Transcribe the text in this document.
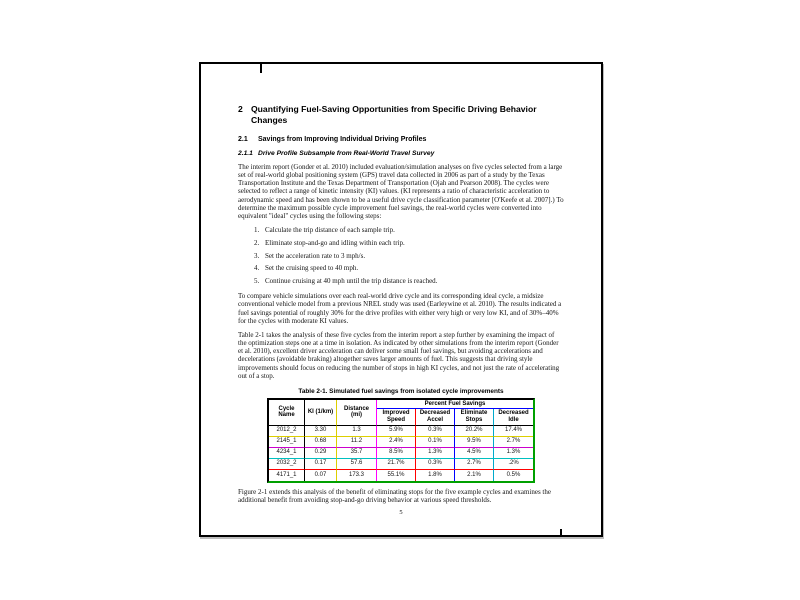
2 Quantifying Fuel-Saving Opportunities from Specific Driving Behavior Changes
2.1	Savings from Improving Individual Driving Profiles
2.1.1 Drive Profile Subsample from Real-World Travel Survey

The interim report (Gonder et al. 2010) included evaluation/simulation analyses on five cycles selected from a large set of real-world global positioning system (GPS) travel data collected in 2006 as part of a study by the Texas Transportation Institute and the Texas Department of Transportation (Ojah and Pearson 2008). The cycles were selected to reflect a range of kinetic intensity (KI) values. (KI represents a ratio of characteristic acceleration to aerodynamic speed and has been shown to be a useful drive cycle classification parameter [O'Keefe et al. 2007].) To determine the maximum possible cycle improvement fuel savings, the real-world cycles were converted into equivalent "ideal" cycles using the following steps:

1. Calculate the trip distance of each sample trip.
2. Eliminate stop-and-go and idling within each trip.
3. Set the acceleration rate to 3 mph/s.
4. Set the cruising speed to 40 mph.
5. Continue cruising at 40 mph until the trip distance is reached.

To compare vehicle simulations over each real-world drive cycle and its corresponding ideal cycle, a midsize conventional vehicle model from a previous NREL study was used (Earleywine et al. 2010). The results indicated a fuel savings potential of roughly 30% for the drive profiles with either very high or very low KI, and of 30%–40% for the cycles with moderate KI values.

Table 2-1 takes the analysis of these five cycles from the interim report a step further by examining the impact of the optimization steps one at a time in isolation. As indicated by other simulations from the interim report (Gonder et al. 2010), excellent driver acceleration can deliver some small fuel savings, but avoiding accelerations and decelerations (avoidable braking) altogether saves larger amounts of fuel. This suggests that driving style improvements should focus on reducing the number of stops in high KI cycles, and not just the rate of accelerating out of a stop.

Table 2-1. Simulated fuel savings from isolated cycle improvements
Cycle Name	KI (1/km)	Distance (mi)	Percent Fuel Savings			
			Improved Speed	Decreased Accel	Eliminate Stops	Decreased Idle
2012_2	3.30	1.3	5.9%	0.3%	20.2%	17.4%
2145_1	0.68	11.2	2.4%	0.1%	9.5%	2.7%
4234_1	0.29	35.7	8.5%	1.3%	4.5%	1.3%
2032_2	0.17	57.6	21.7%	0.3%	2.7%	.2%
4171_1	0.07	173.3	55.1%	1.8%	2.1%	0.5%

Figure 2-1 extends this analysis of the benefit of eliminating stops for the five example cycles and examines the additional benefit from avoiding stop-and-go driving behavior at various speed thresholds.

5
